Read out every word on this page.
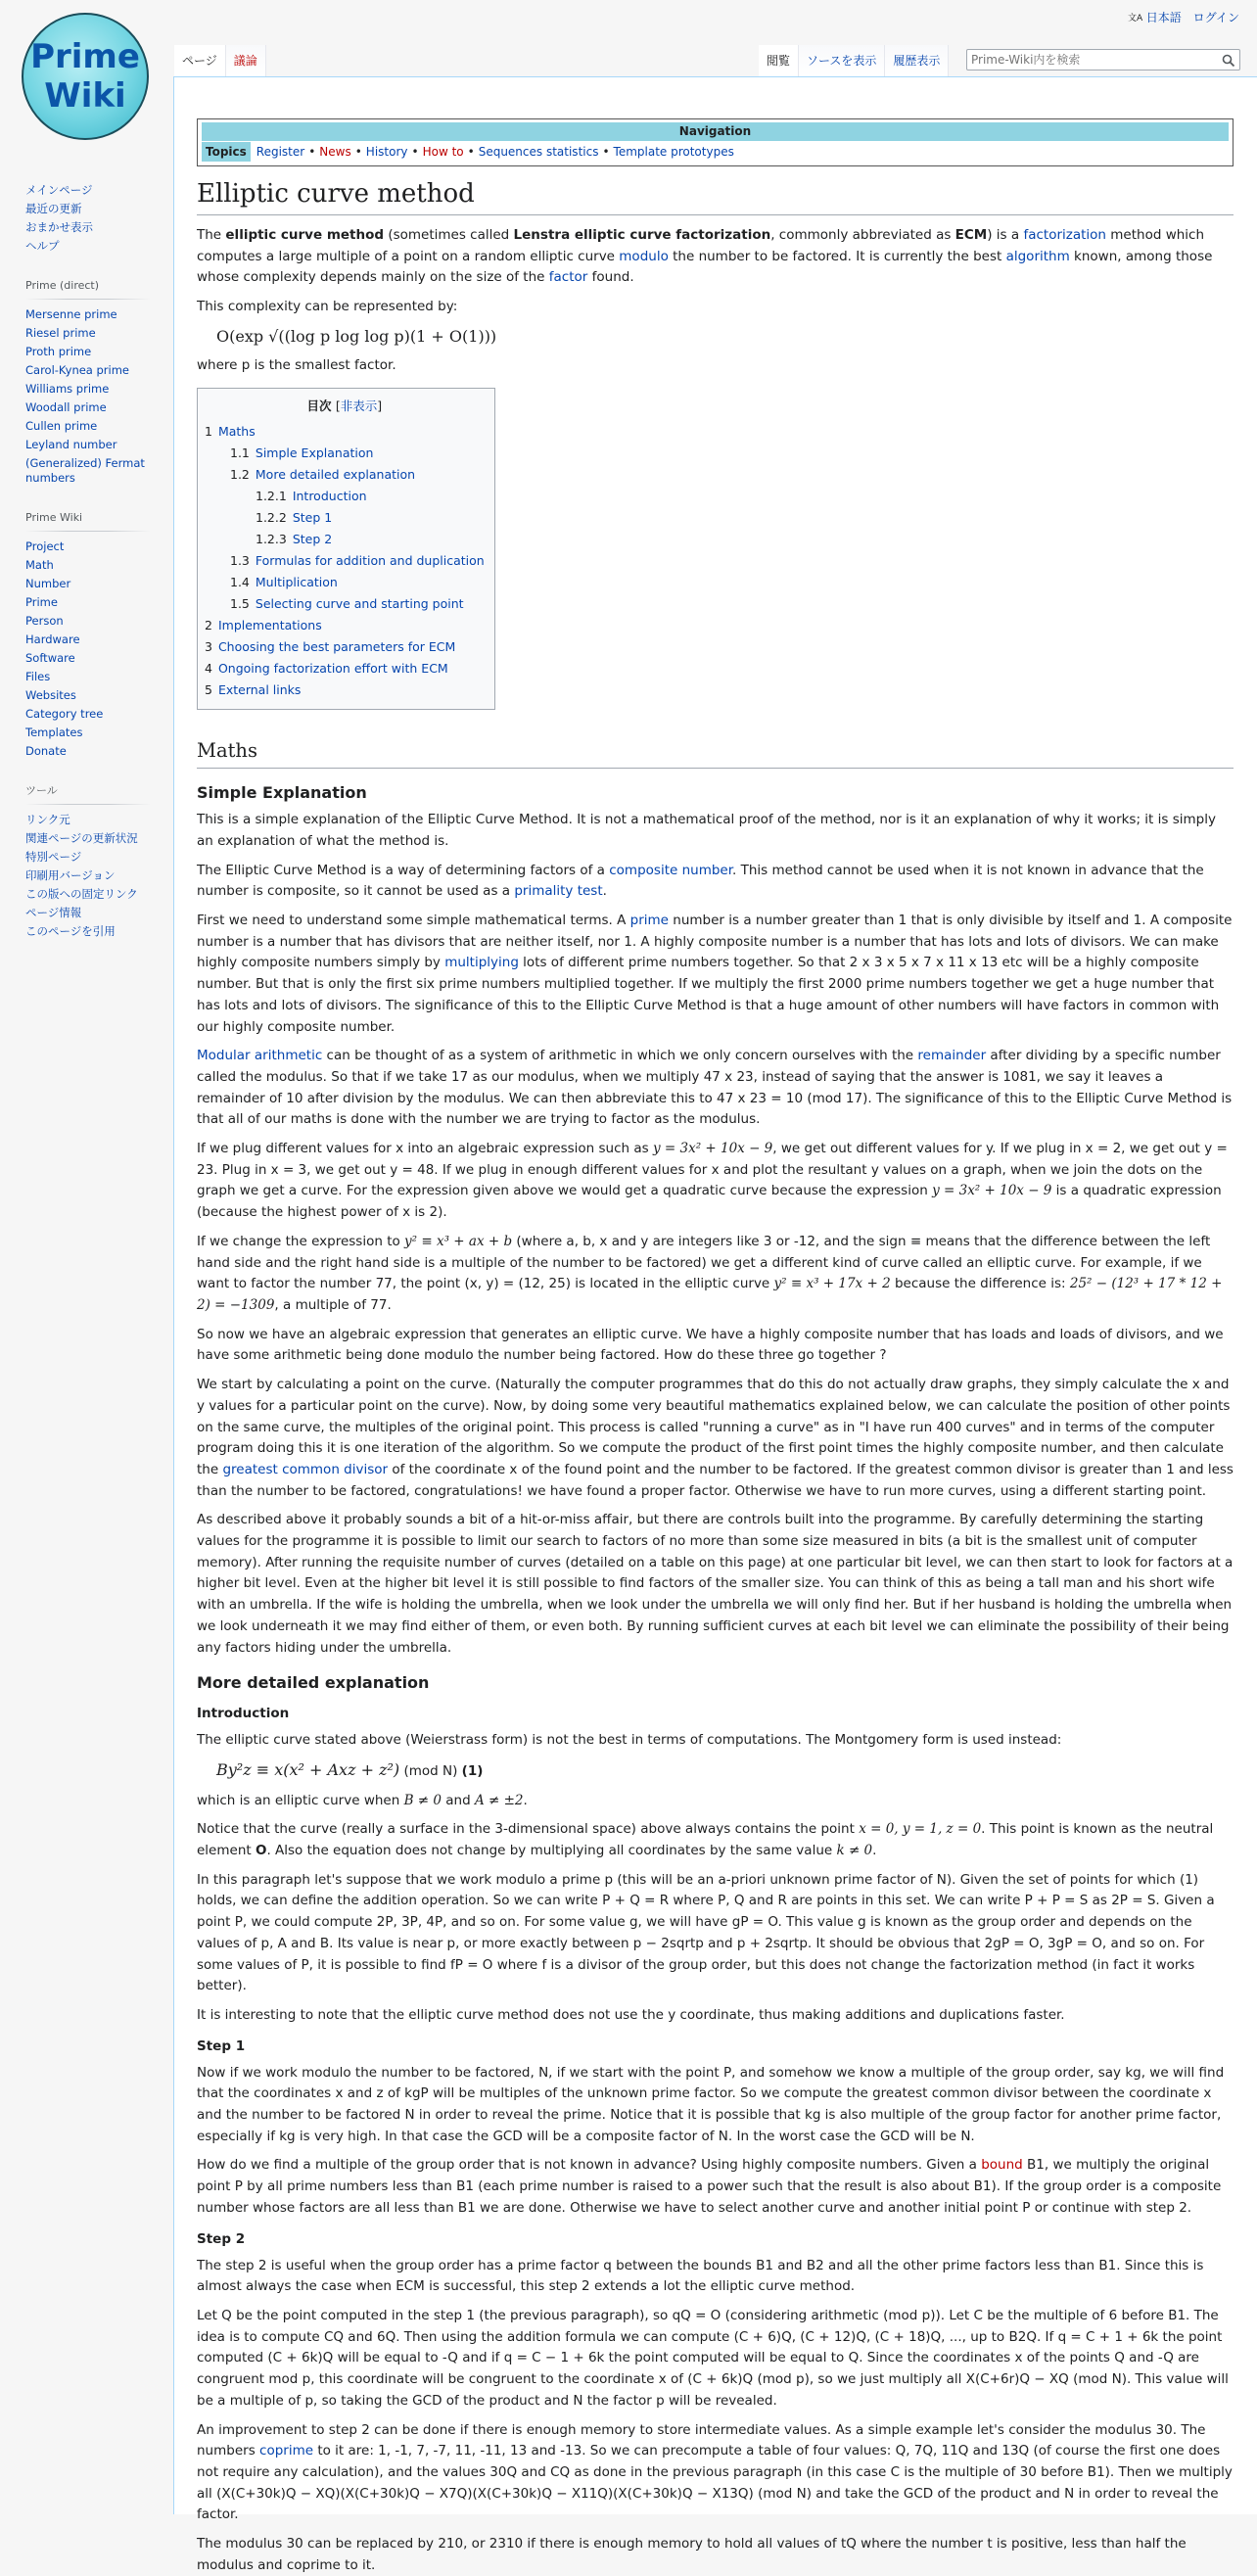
文A 日本語 ログイン
Prime
Wiki
ページ	議論	閲覧	ソースを表示	履歴表示
Prime-Wiki内を検索
メインページ
最近の更新
おまかせ表示
ヘルプ
Prime (direct)
Mersenne prime
Riesel prime
Proth prime
Carol-Kynea prime
Williams prime
Woodall prime
Cullen prime
Leyland number
(Generalized) Fermat numbers
Prime Wiki
Project
Math
Number
Prime
Person
Hardware
Software
Files
Websites
Category tree
Templates
Donate
ツール
リンク元
関連ページの更新状況
特別ページ
印刷用バージョン
この版への固定リンク
ページ情報
このページを引用
Navigation
Topics Register • News • History • How to • Sequences statistics • Template prototypes
Elliptic curve method

The elliptic curve method (sometimes called Lenstra elliptic curve factorization, commonly abbreviated as ECM) is a factorization method which computes a large multiple of a point on a random elliptic curve modulo the number to be factored. It is currently the best algorithm known, among those whose complexity depends mainly on the size of the factor found.

This complexity can be represented by:

O(exp √((log p log log p)(1 + O(1)))

where p is the smallest factor.

目次 [非表示]
1 Maths
1.1 Simple Explanation
1.2 More detailed explanation
1.2.1 Introduction
1.2.2 Step 1
1.2.3 Step 2
1.3 Formulas for addition and duplication
1.4 Multiplication
1.5 Selecting curve and starting point
2 Implementations
3 Choosing the best parameters for ECM
4 Ongoing factorization effort with ECM
5 External links
Maths
Simple Explanation

This is a simple explanation of the Elliptic Curve Method. It is not a mathematical proof of the method, nor is it an explanation of why it works; it is simply an explanation of what the method is.

The Elliptic Curve Method is a way of determining factors of a composite number. This method cannot be used when it is not known in advance that the number is composite, so it cannot be used as a primality test.

First we need to understand some simple mathematical terms. A prime number is a number greater than 1 that is only divisible by itself and 1. A composite number is a number that has divisors that are neither itself, nor 1. A highly composite number is a number that has lots and lots of divisors. We can make highly composite numbers simply by multiplying lots of different prime numbers together. So that 2 x 3 x 5 x 7 x 11 x 13 etc will be a highly composite number. But that is only the first six prime numbers multiplied together. If we multiply the first 2000 prime numbers together we get a huge number that has lots and lots of divisors. The significance of this to the Elliptic Curve Method is that a huge amount of other numbers will have factors in common with our highly composite number.

Modular arithmetic can be thought of as a system of arithmetic in which we only concern ourselves with the remainder after dividing by a specific number called the modulus. So that if we take 17 as our modulus, when we multiply 47 x 23, instead of saying that the answer is 1081, we say it leaves a remainder of 10 after division by the modulus. We can then abbreviate this to 47 x 23 = 10 (mod 17). The significance of this to the Elliptic Curve Method is that all of our maths is done with the number we are trying to factor as the modulus.

If we plug different values for x into an algebraic expression such as y = 3x² + 10x − 9, we get out different values for y. If we plug in x = 2, we get out y = 23. Plug in x = 3, we get out y = 48. If we plug in enough different values for x and plot the resultant y values on a graph, when we join the dots on the graph we get a curve. For the expression given above we would get a quadratic curve because the expression y = 3x² + 10x − 9 is a quadratic expression (because the highest power of x is 2).

If we change the expression to y² ≡ x³ + ax + b (where a, b, x and y are integers like 3 or -12, and the sign ≡ means that the difference between the left hand side and the right hand side is a multiple of the number to be factored) we get a different kind of curve called an elliptic curve. For example, if we want to factor the number 77, the point (x, y) = (12, 25) is located in the elliptic curve y² ≡ x³ + 17x + 2 because the difference is: 25² − (12³ + 17 * 12 + 2) = −1309, a multiple of 77.

So now we have an algebraic expression that generates an elliptic curve. We have a highly composite number that has loads and loads of divisors, and we have some arithmetic being done modulo the number being factored. How do these three go together ?

We start by calculating a point on the curve. (Naturally the computer programmes that do this do not actually draw graphs, they simply calculate the x and y values for a particular point on the curve). Now, by doing some very beautiful mathematics explained below, we can calculate the position of other points on the same curve, the multiples of the original point. This process is called "running a curve" as in "I have run 400 curves" and in terms of the computer program doing this it is one iteration of the algorithm. So we compute the product of the first point times the highly composite number, and then calculate the greatest common divisor of the coordinate x of the found point and the number to be factored. If the greatest common divisor is greater than 1 and less than the number to be factored, congratulations! we have found a proper factor. Otherwise we have to run more curves, using a different starting point.

As described above it probably sounds a bit of a hit-or-miss affair, but there are controls built into the programme. By carefully determining the starting values for the programme it is possible to limit our search to factors of no more than some size measured in bits (a bit is the smallest unit of computer memory). After running the requisite number of curves (detailed on a table on this page) at one particular bit level, we can then start to look for factors at a higher bit level. Even at the higher bit level it is still possible to find factors of the smaller size. You can think of this as being a tall man and his short wife with an umbrella. If the wife is holding the umbrella, when we look under the umbrella we will only find her. But if her husband is holding the umbrella when we look underneath it we may find either of them, or even both. By running sufficient curves at each bit level we can eliminate the possibility of their being any factors hiding under the umbrella.

More detailed explanation
Introduction

The elliptic curve stated above (Weierstrass form) is not the best in terms of computations. The Montgomery form is used instead:

By²z ≡ x(x² + Axz + z²) (mod N) (1)

which is an elliptic curve when B ≠ 0 and A ≠ ±2.

Notice that the curve (really a surface in the 3-dimensional space) above always contains the point x = 0, y = 1, z = 0. This point is known as the neutral element O. Also the equation does not change by multiplying all coordinates by the same value k ≠ 0.

In this paragraph let's suppose that we work modulo a prime p (this will be an a-priori unknown prime factor of N). Given the set of points for which (1) holds, we can define the addition operation. So we can write P + Q = R where P, Q and R are points in this set. We can write P + P = S as 2P = S. Given a point P, we could compute 2P, 3P, 4P, and so on. For some value g, we will have gP = O. This value g is known as the group order and depends on the values of p, A and B. Its value is near p, or more exactly between p − 2sqrtp and p + 2sqrtp. It should be obvious that 2gP = O, 3gP = O, and so on. For some values of P, it is possible to find fP = O where f is a divisor of the group order, but this does not change the factorization method (in fact it works better).

It is interesting to note that the elliptic curve method does not use the y coordinate, thus making additions and duplications faster.

Step 1

Now if we work modulo the number to be factored, N, if we start with the point P, and somehow we know a multiple of the group order, say kg, we will find that the coordinates x and z of kgP will be multiples of the unknown prime factor. So we compute the greatest common divisor between the coordinate x and the number to be factored N in order to reveal the prime. Notice that it is possible that kg is also multiple of the group factor for another prime factor, especially if kg is very high. In that case the GCD will be a composite factor of N. In the worst case the GCD will be N.

How do we find a multiple of the group order that is not known in advance? Using highly composite numbers. Given a bound B1, we multiply the original point P by all prime numbers less than B1 (each prime number is raised to a power such that the result is also about B1). If the group order is a composite number whose factors are all less than B1 we are done. Otherwise we have to select another curve and another initial point P or continue with step 2.

Step 2

The step 2 is useful when the group order has a prime factor q between the bounds B1 and B2 and all the other prime factors less than B1. Since this is almost always the case when ECM is successful, this step 2 extends a lot the elliptic curve method.

Let Q be the point computed in the step 1 (the previous paragraph), so qQ = O (considering arithmetic (mod p)). Let C be the multiple of 6 before B1. The idea is to compute CQ and 6Q. Then using the addition formula we can compute (C + 6)Q, (C + 12)Q, (C + 18)Q, ..., up to B2Q. If q = C + 1 + 6k the point computed (C + 6k)Q will be equal to -Q and if q = C − 1 + 6k the point computed will be equal to Q. Since the coordinates x of the points Q and -Q are congruent mod p, this coordinate will be congruent to the coordinate x of (C + 6k)Q (mod p), so we just multiply all X(C+6r)Q − XQ (mod N). This value will be a multiple of p, so taking the GCD of the product and N the factor p will be revealed.

An improvement to step 2 can be done if there is enough memory to store intermediate values. As a simple example let's consider the modulus 30. The numbers coprime to it are: 1, -1, 7, -7, 11, -11, 13 and -13. So we can precompute a table of four values: Q, 7Q, 11Q and 13Q (of course the first one does not require any calculation), and the values 30Q and CQ as done in the previous paragraph (in this case C is the multiple of 30 before B1). Then we multiply all (X(C+30k)Q − XQ)(X(C+30k)Q − X7Q)(X(C+30k)Q − X11Q)(X(C+30k)Q − X13Q) (mod N) and take the GCD of the product and N in order to reveal the factor.

The modulus 30 can be replaced by 210, or 2310 if there is enough memory to hold all values of tQ where the number t is positive, less than half the modulus and coprime to it.
